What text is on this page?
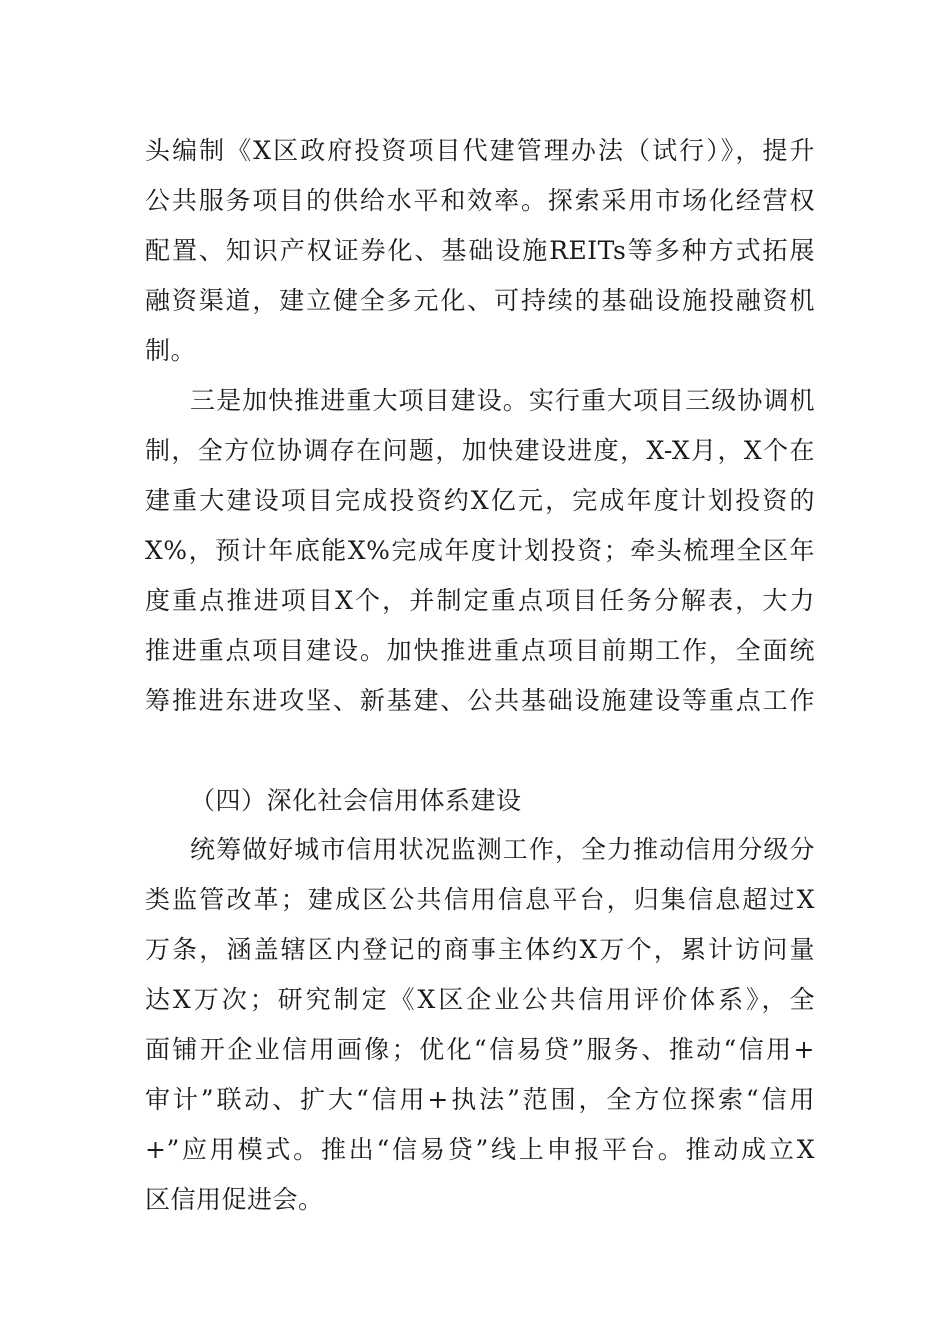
头编制《X区政府投资项目代建管理办法（试行）》，提升
公共服务项目的供给水平和效率。探索采用市场化经营权
配置、知识产权证券化、基础设施REITs等多种方式拓展
融资渠道，建立健全多元化、可持续的基础设施投融资机
制。
三是加快推进重大项目建设。实行重大项目三级协调机
制，全方位协调存在问题，加快建设进度，X-X月，X个在
建重大建设项目完成投资约X亿元，完成年度计划投资的
X%，预计年底能X%完成年度计划投资；牵头梳理全区年
度重点推进项目X个，并制定重点项目任务分解表，大力
推进重点项目建设。加快推进重点项目前期工作，全面统
筹推进东进攻坚、新基建、公共基础设施建设等重点工作
（四）深化社会信用体系建设
统筹做好城市信用状况监测工作，全力推动信用分级分
类监管改革；建成区公共信用信息平台，归集信息超过X
万条，涵盖辖区内登记的商事主体约X万个，累计访问量
达X万次；研究制定《X区企业公共信用评价体系》，全
面铺开企业信用画像；优化“信易贷”服务、推动“信用+
审计”联动、扩大“信用+执法”范围，全方位探索“信用
+”应用模式。推出“信易贷”线上申报平台。推动成立X
区信用促进会。
